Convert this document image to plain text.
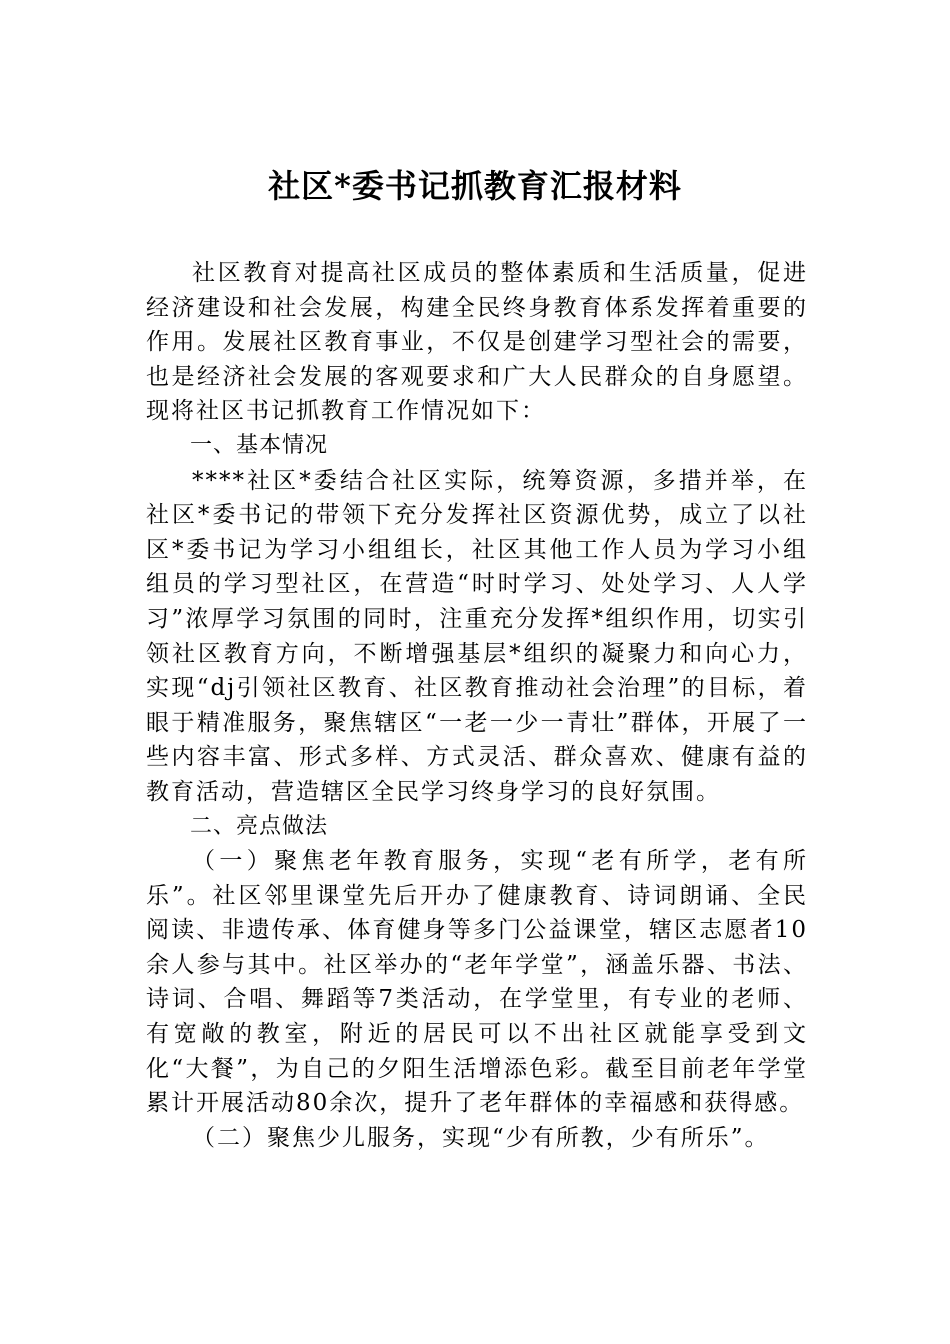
社区*委书记抓教育汇报材料

社区教育对提高社区成员的整体素质和生活质量，促进经济建设和社会发展，构建全民终身教育体系发挥着重要的作用。发展社区教育事业，不仅是创建学习型社会的需要，也是经济社会发展的客观要求和广大人民群众的自身愿望。现将社区书记抓教育工作情况如下：

一、基本情况

****社区*委结合社区实际，统筹资源，多措并举，在社区*委书记的带领下充分发挥社区资源优势，成立了以社区*委书记为学习小组组长，社区其他工作人员为学习小组组员的学习型社区，在营造“时时学习、处处学习、人人学习”浓厚学习氛围的同时，注重充分发挥*组织作用，切实引领社区教育方向，不断增强基层*组织的凝聚力和向心力，实现“dj引领社区教育、社区教育推动社会治理”的目标，着眼于精准服务，聚焦辖区“一老一少一青壮”群体，开展了一些内容丰富、形式多样、方式灵活、群众喜欢、健康有益的教育活动，营造辖区全民学习终身学习的良好氛围。

二、亮点做法

（一）聚焦老年教育服务，实现“老有所学，老有所乐”。社区邻里课堂先后开办了健康教育、诗词朗诵、全民阅读、非遗传承、体育健身等多门公益课堂，辖区志愿者10余人参与其中。社区举办的“老年学堂”，涵盖乐器、书法、诗词、合唱、舞蹈等7类活动，在学堂里，有专业的老师、有宽敞的教室，附近的居民可以不出社区就能享受到文化“大餐”，为自己的夕阳生活增添色彩。截至目前老年学堂累计开展活动80余次，提升了老年群体的幸福感和获得感。

（二）聚焦少儿服务，实现“少有所教，少有所乐”。
